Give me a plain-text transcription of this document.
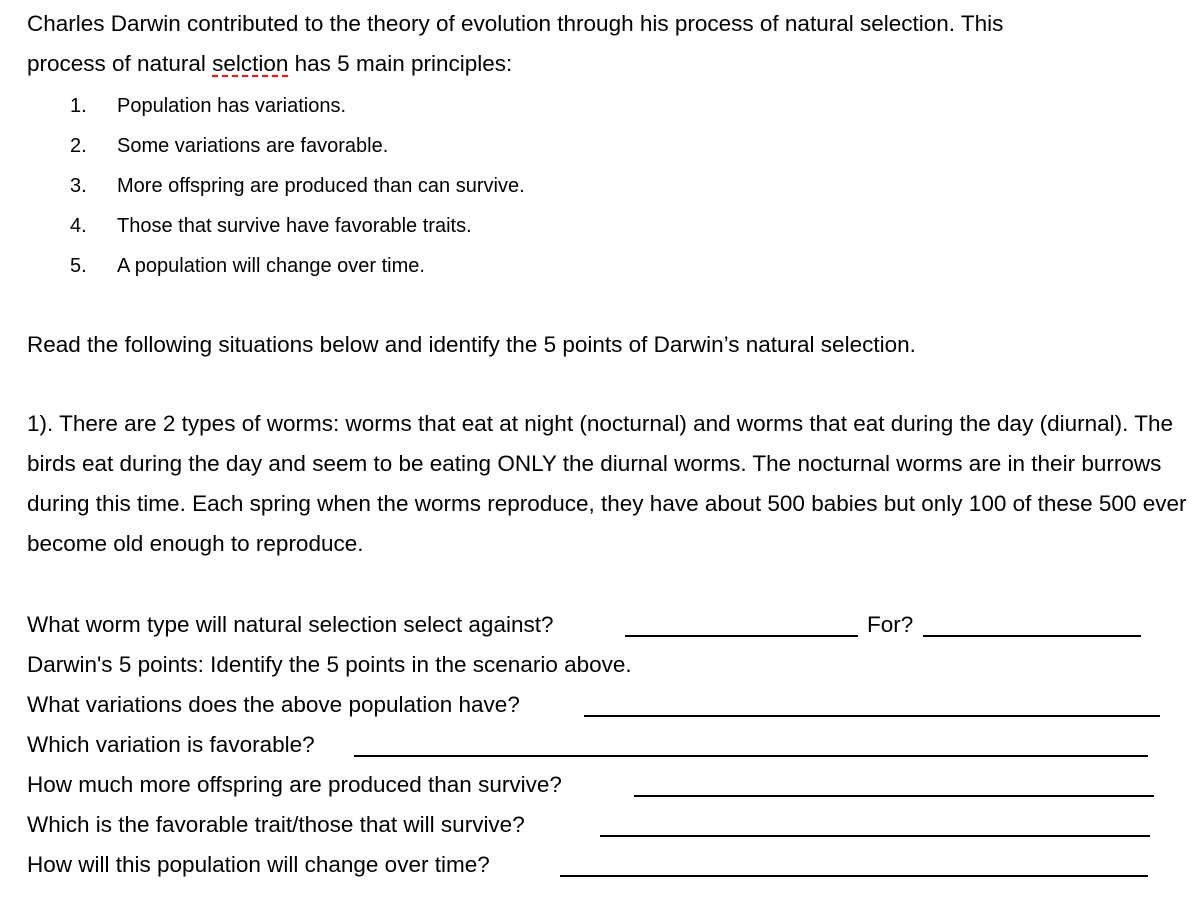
Charles Darwin contributed to the theory of evolution through his process of natural selection. This
process of natural selction has 5 main principles:
1. Population has variations.
2. Some variations are favorable.
3. More offspring are produced than can survive.
4. Those that survive have favorable traits.
5. A population will change over time.
Read the following situations below and identify the 5 points of Darwin’s natural selection.
1). There are 2 types of worms: worms that eat at night (nocturnal) and worms that eat during the day (diurnal). The birds eat during the day and seem to be eating ONLY the diurnal worms. The nocturnal worms are in their burrows during this time. Each spring when the worms reproduce, they have about 500 babies but only 100 of these 500 ever become old enough to reproduce.
What worm type will natural selection select against?	For?
Darwin's 5 points: Identify the 5 points in the scenario above.
What variations does the above population have?
Which variation is favorable?
How much more offspring are produced than survive?
Which is the favorable trait/those that will survive?
How will this population will change over time?
